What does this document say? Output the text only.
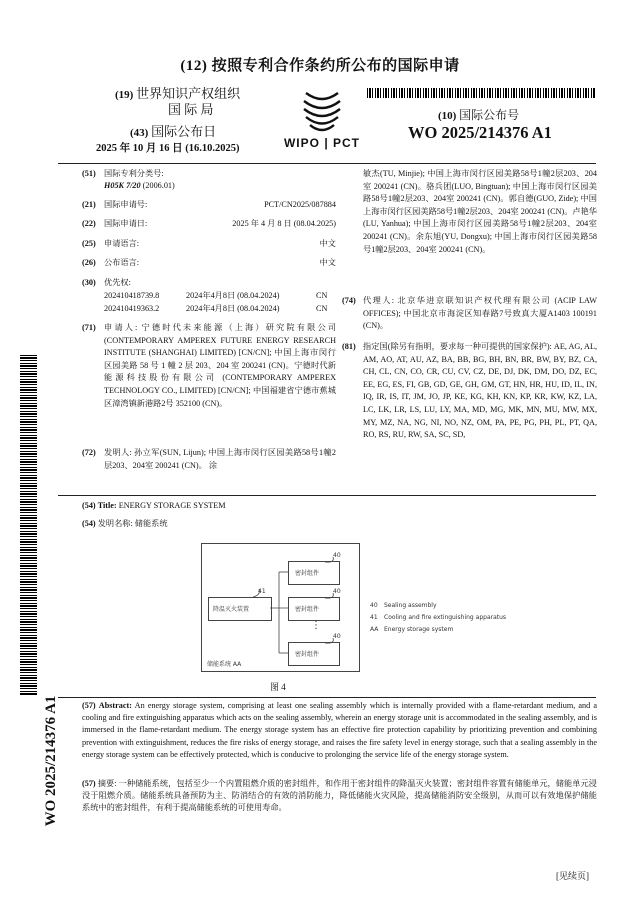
(12) 按照专利合作条约所公布的国际申请
(19) 世界知识产权组织
国 际 局
(43) 国际公布日
2025 年 10 月 16 日 (16.10.2025)	WIPO | PCT
(10) 国际公布号
WO 2025/214376 A1
WO 2025/214376 A1
(51) 国际专利分类号:
H05K 7/20 (2006.01)
(21) 国际申请号:	PCT/CN2025/087884
(22) 国际申请日:	2025 年 4 月 8 日 (08.04.2025)
(25) 申请语言:	中文
(26) 公布语言:	中文
(30) 优先权:
202410418739.8	2024年4月8日 (08.04.2024)	CN
202410419363.2	2024年4月8日 (08.04.2024)	CN
(71) 申请人: 宁德时代未来能源（上海）研究院有限公司(CONTEMPORARY AMPEREX FUTURE ENERGY RESEARCH INSTITUTE (SHANGHAI) LIMITED) [CN/CN]; 中国上海市闵行区园美路 58 号 1 幢 2 层 203、204 室 200241 (CN)。宁德时代新能源科技股份有限公司 (CONTEMPORARY AMPEREX TECHNOLOGY CO., LIMITED) [CN/CN]; 中国福建省宁德市蕉城区漳湾镇新港路2号 352100 (CN)。
(72) 发明人: 孙立军(SUN, Lijun); 中国上海市闵行区园美路58号1幢2层203、204室 200241 (CN)。 涂
敏杰(TU, Minjie); 中国上海市闵行区园美路58号1幢2层203、204室 200241 (CN)。骆兵团(LUO, Bingtuan); 中国上海市闵行区园美路58号1幢2层203、204室 200241 (CN)。郭自德(GUO, Zide); 中国上海市闵行区园美路58号1幢2层203、204室 200241 (CN)。卢艳华(LU, Yanhua); 中国上海市闵行区园美路58号1幢2层203、204室 200241 (CN)。余东旭(YU, Dongxu); 中国上海市闵行区园美路58号1幢2层203、204室 200241 (CN)。
(74) 代理人: 北京华进京联知识产权代理有限公司 (ACIP LAW OFFICES); 中国北京市海淀区知春路7号致真大厦A1403 100191 (CN)。
(81) 指定国(除另有指明，要求每一种可提供的国家保护): AE, AG, AL, AM, AO, AT, AU, AZ, BA, BB, BG, BH, BN, BR, BW, BY, BZ, CA, CH, CL, CN, CO, CR, CU, CV, CZ, DE, DJ, DK, DM, DO, DZ, EC, EE, EG, ES, FI, GB, GD, GE, GH, GM, GT, HN, HR, HU, ID, IL, IN, IQ, IR, IS, IT, JM, JO, JP, KE, KG, KH, KN, KP, KR, KW, KZ, LA, LC, LK, LR, LS, LU, LY, MA, MD, MG, MK, MN, MU, MW, MX, MY, MZ, NA, NG, NI, NO, NZ, OM, PA, PE, PG, PH, PL, PT, QA, RO, RS, RU, RW, SA, SC, SD,
(54) Title: ENERGY STORAGE SYSTEM
(54) 发明名称: 储能系统
40
40
40
41
密封组件
密封组件
密封组件
降温灭火装置
⋮
储能系统 AA
40 Sealing assembly
41 Cooling and fire extinguishing apparatus
AA Energy storage system
图 4
(57) Abstract: An energy storage system, comprising at least one sealing assembly which is internally provided with a flame-retardant medium, and a cooling and fire extinguishing apparatus which acts on the sealing assembly, wherein an energy storage unit is accommodated in the sealing assembly, and is immersed in the flame-retardant medium. The energy storage system has an effective fire protection capability by prioritizing prevention and combining prevention with extinguishment, reduces the fire risks of energy storage, and raises the fire safety level in energy storage, such that a sealing assembly in the energy storage system can be effectively protected, which is conducive to prolonging the service life of the energy storage system.
(57) 摘要: 一种储能系统，包括至少一个内置阻燃介质的密封组件，和作用于密封组件的降温灭火装置；密封组件容置有储能单元，储能单元浸没于阻燃介质。储能系统具备预防为主、防消结合的有效的消防能力，降低储能火灾风险，提高储能消防安全级别，从而可以有效地保护储能系统中的密封组件，有利于提高储能系统的可使用寿命。
[见续页]
